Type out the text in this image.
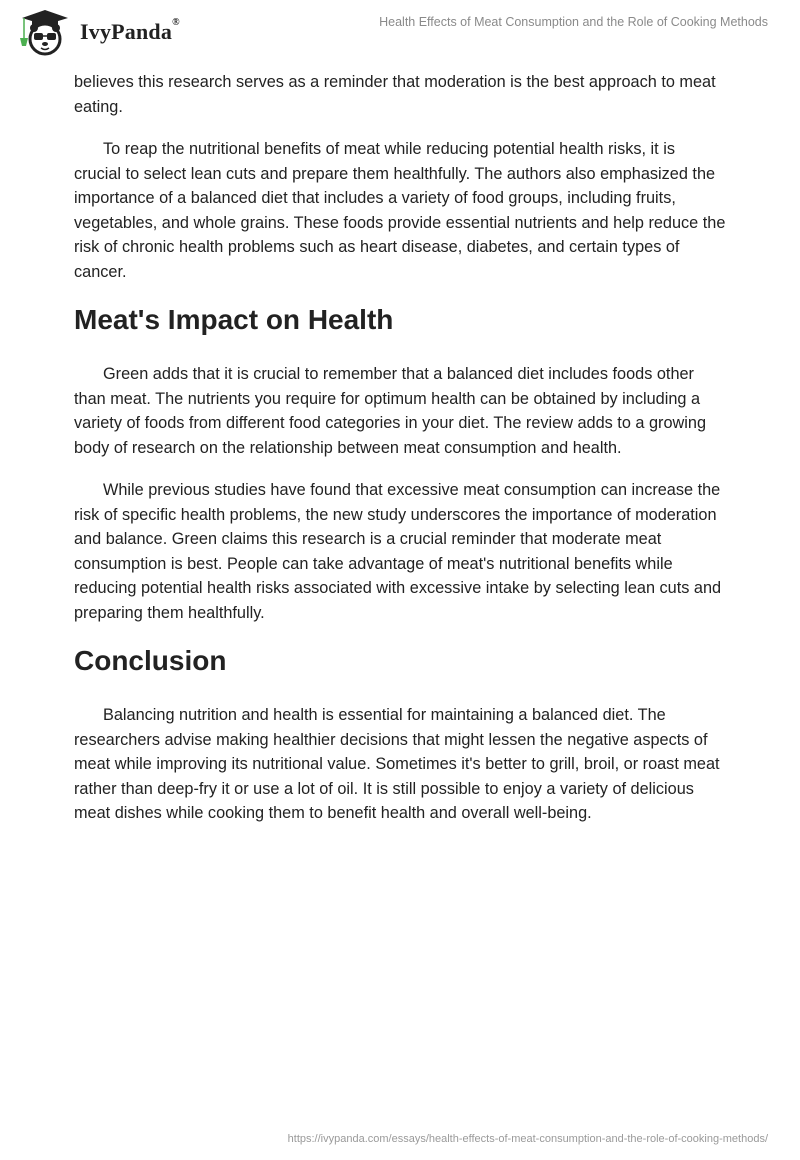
IvyPanda®	Health Effects of Meat Consumption and the Role of Cooking Methods

believes this research serves as a reminder that moderation is the best approach to meat eating.

To reap the nutritional benefits of meat while reducing potential health risks, it is crucial to select lean cuts and prepare them healthfully. The authors also emphasized the importance of a balanced diet that includes a variety of food groups, including fruits, vegetables, and whole grains. These foods provide essential nutrients and help reduce the risk of chronic health problems such as heart disease, diabetes, and certain types of cancer.

Meat's Impact on Health

Green adds that it is crucial to remember that a balanced diet includes foods other than meat. The nutrients you require for optimum health can be obtained by including a variety of foods from different food categories in your diet. The review adds to a growing body of research on the relationship between meat consumption and health.

While previous studies have found that excessive meat consumption can increase the risk of specific health problems, the new study underscores the importance of moderation and balance. Green claims this research is a crucial reminder that moderate meat consumption is best. People can take advantage of meat's nutritional benefits while reducing potential health risks associated with excessive intake by selecting lean cuts and preparing them healthfully.

Conclusion

Balancing nutrition and health is essential for maintaining a balanced diet. The researchers advise making healthier decisions that might lessen the negative aspects of meat while improving its nutritional value. Sometimes it's better to grill, broil, or roast meat rather than deep-fry it or use a lot of oil. It is still possible to enjoy a variety of delicious meat dishes while cooking them to benefit health and overall well-being.

https://ivypanda.com/essays/health-effects-of-meat-consumption-and-the-role-of-cooking-methods/
